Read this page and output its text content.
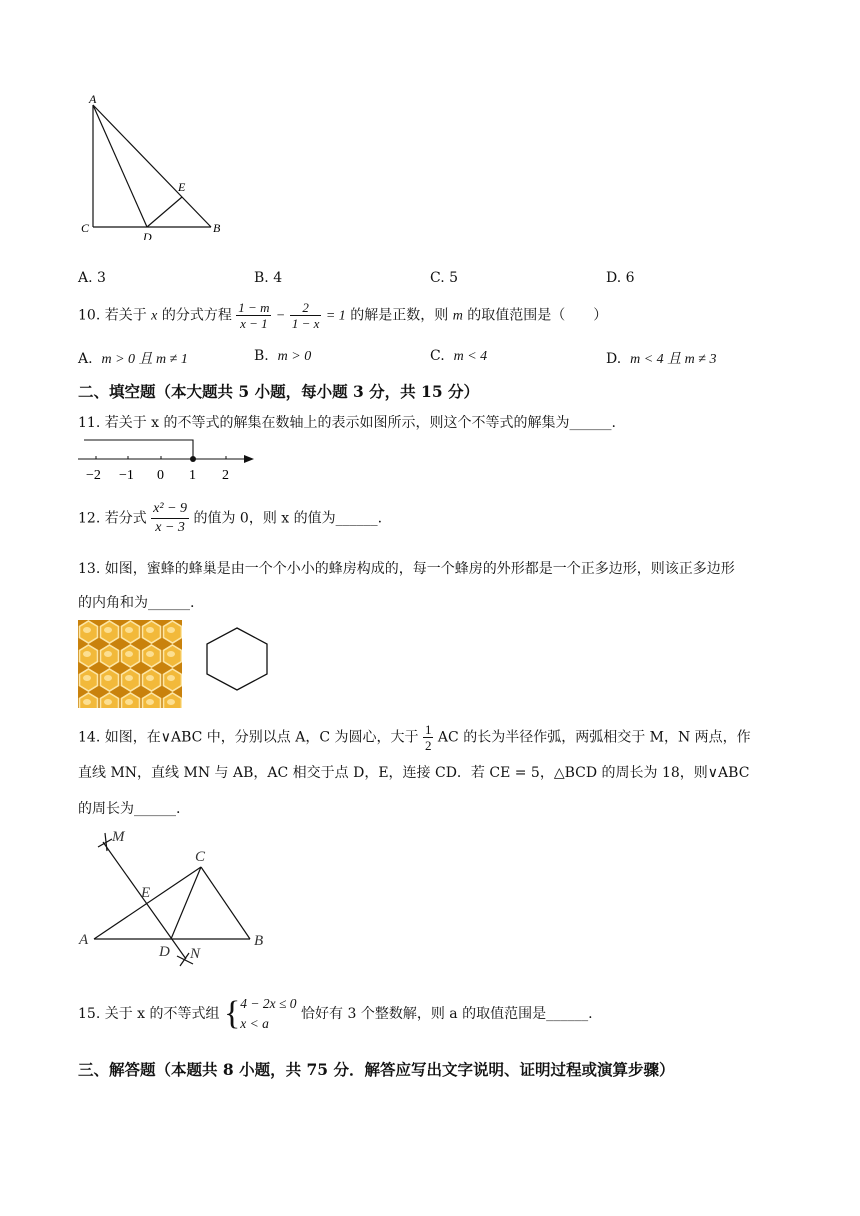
A
E
C
D
B
A. 3	B. 4	C. 5	D. 6
10. 若关于 x 的分式方程 $\frac{1 - m}{x - 1} - \frac{2}{1 - x} = 1$ 的解是正数，则 m 的取值范围是（　　）
A. m > 0 且 m ≠ 1	B. m > 0	C. m < 4	D. m < 4 且 m ≠ 3
二、填空题（本大题共 5 小题，每小题 3 分，共 15 分）
11. 若关于 x 的不等式的解集在数轴上的表示如图所示，则这个不等式的解集为______.
−2 −1 0 1 2
12. 若分式 $\frac{\text{x² − 9}}{x - 3}$ 的值为 0，则 x 的值为______.
13. 如图，蜜蜂的蜂巢是由一个个小小的蜂房构成的，每一个蜂房的外形都是一个正多边形，则该正多边形
的内角和为______.
14. 如图，在∨ABC 中，分别以点 A，C 为圆心，大于 $\frac{1}{2}$ AC 的长为半径作弧，两弧相交于 M，N 两点，作
直线 MN，直线 MN 与 AB，AC 相交于点 D，E，连接 CD．若 CE = 5，△BCD 的周长为 18，则∨ABC
的周长为______.
M
C
E
A
D N
B
15. 关于 x 的不等式组 { 4 − 2x ≤ 0
x < a
恰好有 3 个整数解，则 a 的取值范围是______.
三、解答题（本题共 8 小题，共 75 分．解答应写出文字说明、证明过程或演算步骤）
